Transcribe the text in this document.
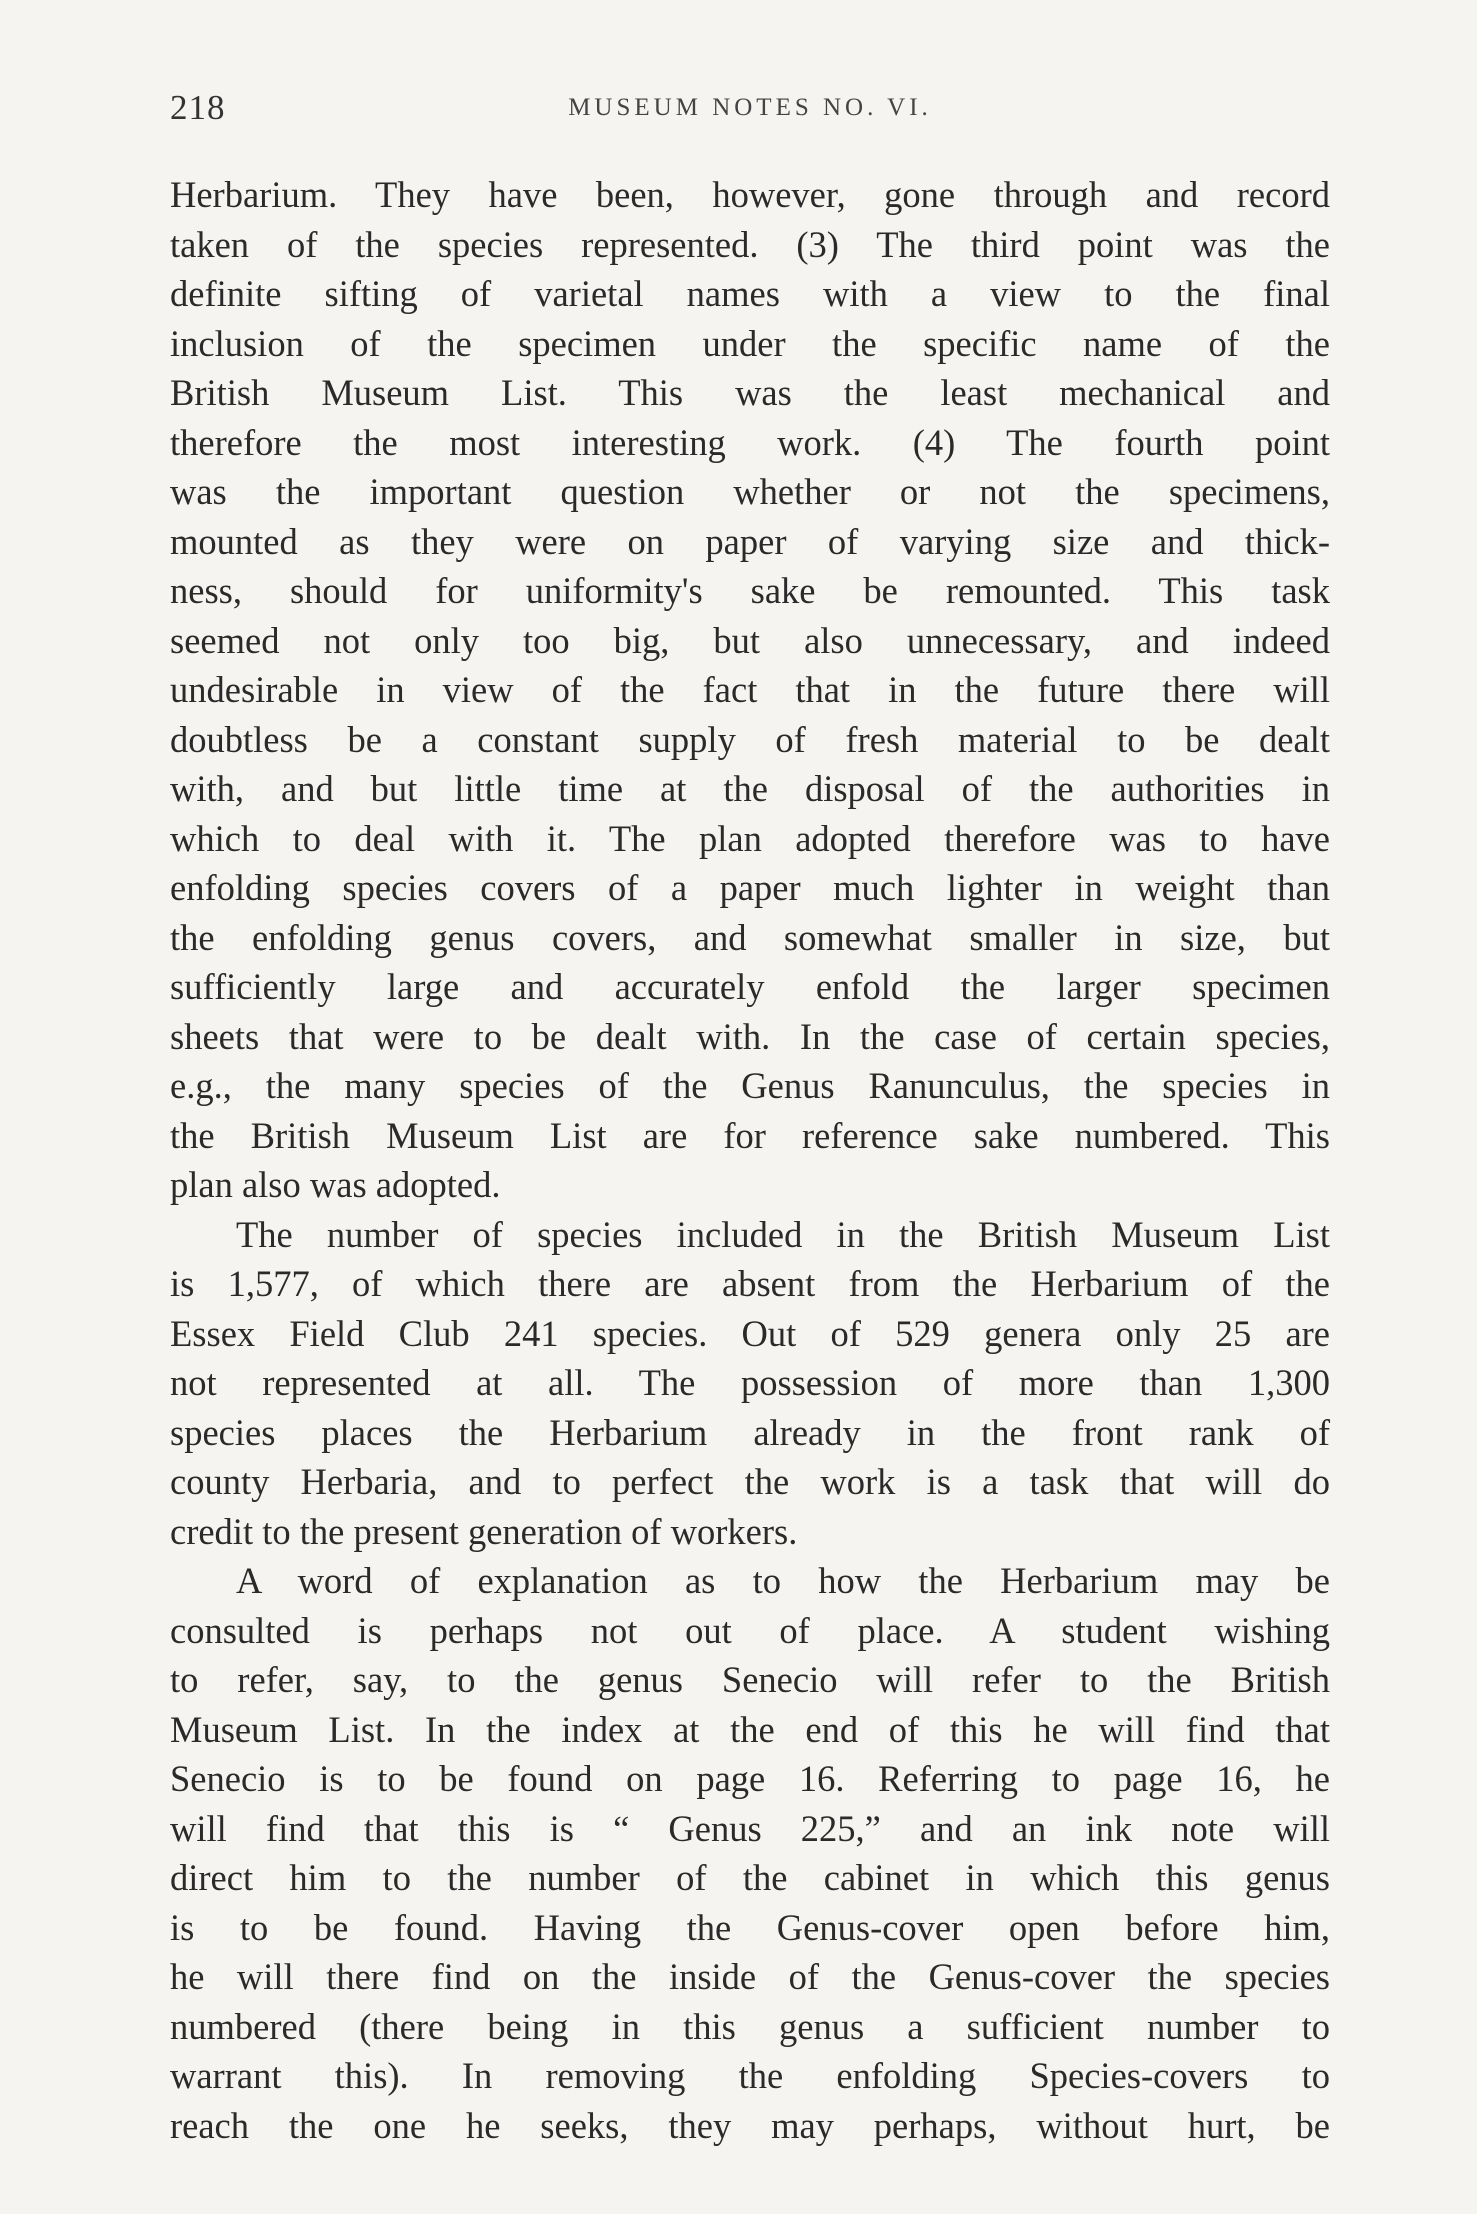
218	MUSEUM NOTES NO. VI.
Herbarium. They have been, however, gone through and record
taken of the species represented. (3) The third point was the
definite sifting of varietal names with a view to the final
inclusion of the specimen under the specific name of the
British Museum List. This was the least mechanical and
therefore the most interesting work. (4) The fourth point
was the important question whether or not the specimens,
mounted as they were on paper of varying size and thick-
ness, should for uniformity's sake be remounted. This task
seemed not only too big, but also unnecessary, and indeed
undesirable in view of the fact that in the future there will
doubtless be a constant supply of fresh material to be dealt
with, and but little time at the disposal of the authorities in
which to deal with it. The plan adopted therefore was to have
enfolding species covers of a paper much lighter in weight than
the enfolding genus covers, and somewhat smaller in size, but
sufficiently large and accurately enfold the larger specimen
sheets that were to be dealt with. In the case of certain species,
e.g., the many species of the Genus Ranunculus, the species in
the British Museum List are for reference sake numbered. This
plan also was adopted.
The number of species included in the British Museum List
is 1,577, of which there are absent from the Herbarium of the
Essex Field Club 241 species. Out of 529 genera only 25 are
not represented at all. The possession of more than 1,300
species places the Herbarium already in the front rank of
county Herbaria, and to perfect the work is a task that will do
credit to the present generation of workers.
A word of explanation as to how the Herbarium may be
consulted is perhaps not out of place. A student wishing
to refer, say, to the genus Senecio will refer to the British
Museum List. In the index at the end of this he will find that
Senecio is to be found on page 16. Referring to page 16, he
will find that this is “ Genus 225,” and an ink note will
direct him to the number of the cabinet in which this genus
is to be found. Having the Genus-cover open before him,
he will there find on the inside of the Genus-cover the species
numbered (there being in this genus a sufficient number to
warrant this). In removing the enfolding Species-covers to
reach the one he seeks, they may perhaps, without hurt, be
